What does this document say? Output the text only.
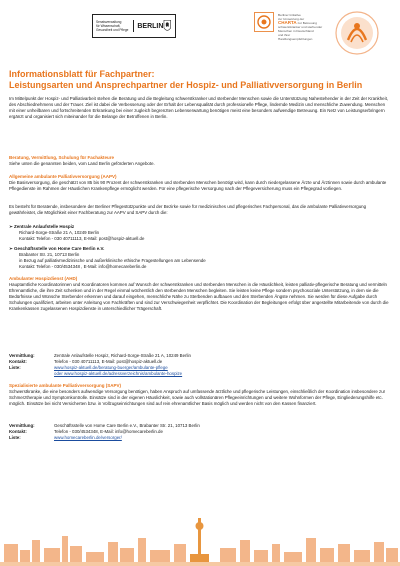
Senatsverwaltung
für Wissenschaft,
Gesundheit und Pflege
BERLIN
Berliner Initiative
zur Umsetzung der
CHARTA zur Betreuung
schwerstkranker und sterbender
Menschen in Deutschland
und ihrer
Handlungsempfehlungen
Informationsblatt für Fachpartner:
Leistungsarten und Ansprechpartner der Hospiz- und Palliativversorgung in Berlin

Im Mittelpunkt der Hospiz- und Palliativarbeit stehen die Beratung und die Begleitung schwerstkranker und sterbender Menschen sowie die Unterstützung Nahestehender in der Zeit der Krankheit, des Abschiednehmens und der Trauer. Ziel ist dabei die Verbesserung oder der Erhalt der Lebensqualität durch professionelle Pflege, lindernde Medizin und menschliche Zuwendung. Menschen mit einer unheilbaren und fortschreitenden Erkrankung bei einer zugleich begrenzten Lebenserwartung benötigen meist eine besonders aufwendige Betreuung. Ein Netz von Leistungserbringern ergänzt und organisiert sich miteinander für die Belange der Betroffenen in Berlin.

Beratung, Vermittlung, Schulung für Fachakteure

Siehe unten die genannten beiden, vom Land Berlin geförderten Angebote.

Allgemeine ambulante Palliativversorgung (AAPV)

Die Basisversorgung, die geschätzt von 85 bis 90 Prozent der schwerstkranken und sterbenden Menschen benötigt wird, kann durch niedergelassene Ärzte und Ärztinnen sowie durch ambulante Pflegedienste im Rahmen der Häuslichen Krankenpflege ermöglicht werden. Für eine pflegerische Versorgung nach der Pflegeversicherung muss ein Pflegegrad vorliegen.

Es besteht für Beratende, insbesondere der Berliner Pflegestützpunkte und der Bezirke sowie für medizinisches und pflegerisches Fachpersonal, das die ambulante Palliativversorgung gewährleistet, die Möglichkeit einer Fachberatung zur AAPV und SAPV durch die:

➢ Zentrale Anlaufstelle Hospiz

Richard-Sorge-Straße 21 A, 10249 Berlin

Kontakt: Telefon - 030 40711113, E-Mail: post@hospiz-aktuell.de

➢ Geschäftsstelle von Home Care Berlin e.V.

Brabanter Str. 21, 10713 Berlin

in Bezug auf palliativmedizinische und außerklinische ethische Fragestellungen am Lebensende

Kontakt: Telefon - 030/4534348 , E-Mail: info@homecareberlin.de

Ambulanter Hospizdienst (AHD)

Hauptamtliche Koordinatorinnen und Koordinatoren kommen auf Wunsch der schwerstkranken und sterbenden Menschen in die Häuslichkeit, leisten palliativ-pflegerische Beratung und vermitteln Ehrenamtliche, die ihre Zeit schenken und in der Regel einmal wöchentlich den sterbenden Menschen begleiten. Sie leisten keine Pflege sondern psychosoziale Unterstützung, in dem sie die Bedürfnisse und Wünsche Sterbender erkennen und darauf eingehen, menschliche Nähe zu Sterbenden aufbauen und den Sterbenden Ängste nehmen. Sie werden für diese Aufgabe durch Schulungen qualifiziert, arbeiten unter Anleitung von Fachkräften und sind zur Verschwiegenheit verpflichtet. Die Koordination der Begleitungen erfolgt über angestellte Mitarbeitende von durch die Krankenkassen zugelassenen Hospizdienste in unterschiedlicher Trägerschaft.

Vermittlung:	Zentrale Anlaufstelle Hospiz, Richard-Sorge-Straße 21 A, 10249 Berlin
Kontakt:	Telefon - 030 40711113, E-Mail: post@hospiz-aktuell.de
Liste:	www.hospiz-aktuell.de/beratung-buerger/ambulante-pflege
oder www.hospiz-aktuell.de/adressverzeichnis/ambulante-hospize

Spezialisierte ambulante Palliativversorgung (SAPV)

Schwerstkranke, die eine besonders aufwendige Versorgung benötigen, haben Anspruch auf umfassende ärztliche und pflegerische Leistungen, einschließlich der Koordination insbesondere zur Schmerztherapie und Symptomkontrolle. Einsätze sind in der eigenen Häuslichkeit, sowie auch vollstationären Pflegeeinrichtungen und weitere Wohnformen der Pflege, Eingliederungshilfe etc. möglich. Einsätze bei nicht Versicherten bzw. in Vollzugseinrichtungen sind auf rein ehrenamtlicher Basis möglich und werden nicht von den Kassen finanziert.

Vermittlung:	Geschäftsstelle von Home Care Berlin e.V., Brabanter Str. 21, 10713 Berlin
Kontakt:	Telefon - 030/4534348, E-Mail: info@homecareberlin.de
Liste:	www.homecareberlin.de/versorger/
